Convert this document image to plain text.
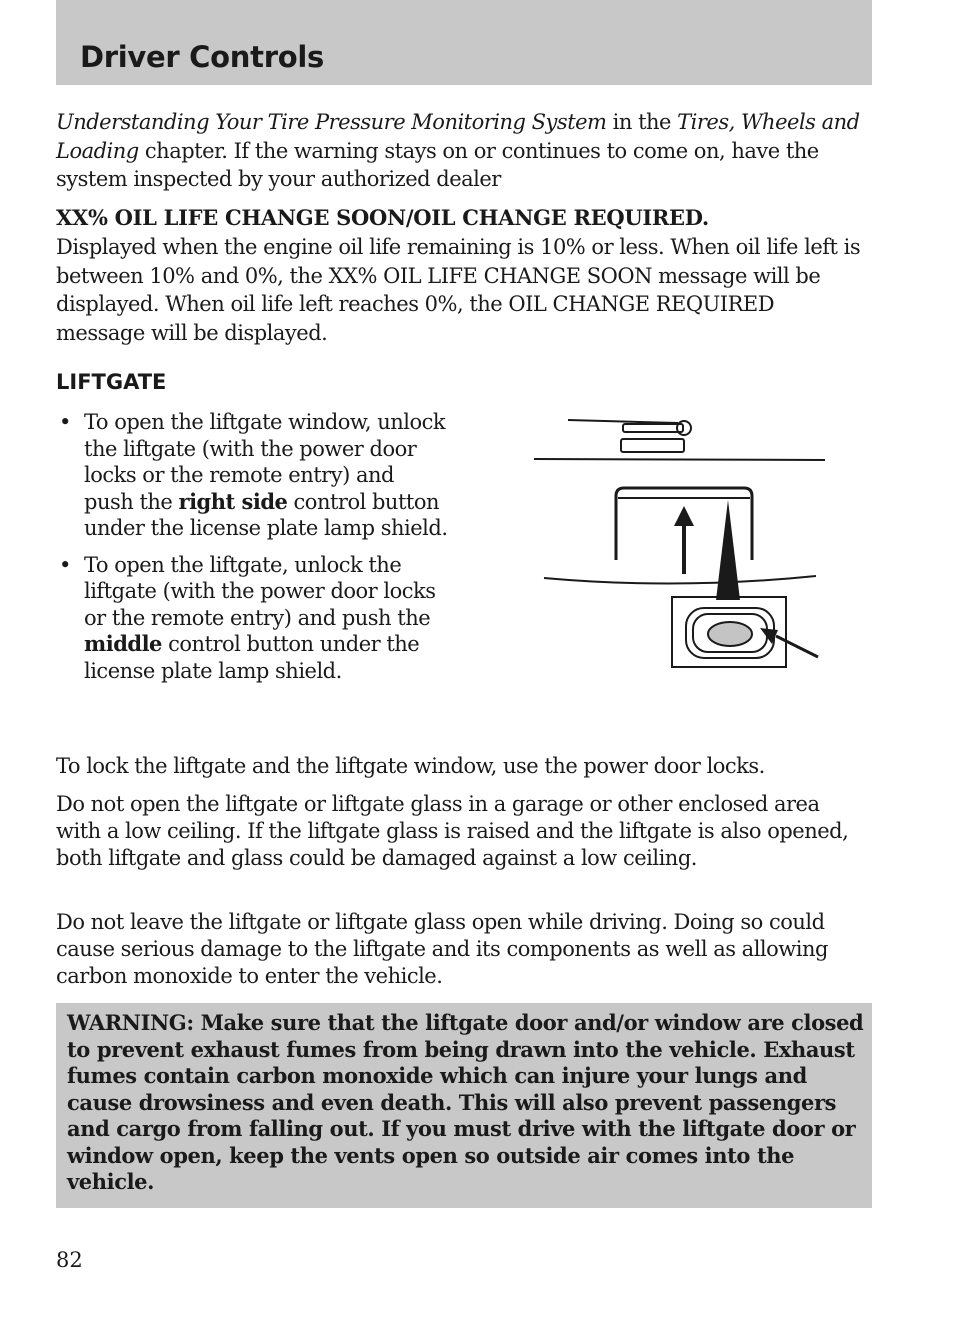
Driver Controls

Understanding Your Tire Pressure Monitoring System in the Tires, Wheels and Loading chapter. If the warning stays on or continues to come on, have the system inspected by your authorized dealer

XX% OIL LIFE CHANGE SOON/OIL CHANGE REQUIRED.

Displayed when the engine oil life remaining is 10% or less. When oil life left is between 10% and 0%, the XX% OIL LIFE CHANGE SOON message will be displayed. When oil life left reaches 0%, the OIL CHANGE REQUIRED message will be displayed.

LIFTGATE
• To open the liftgate window, unlock the liftgate (with the power door locks or the remote entry) and push the right side control button under the license plate lamp shield.
• To open the liftgate, unlock the liftgate (with the power door locks or the remote entry) and push the middle control button under the license plate lamp shield.

To lock the liftgate and the liftgate window, use the power door locks.

Do not open the liftgate or liftgate glass in a garage or other enclosed area with a low ceiling. If the liftgate glass is raised and the liftgate is also opened, both liftgate and glass could be damaged against a low ceiling.

Do not leave the liftgate or liftgate glass open while driving. Doing so could cause serious damage to the liftgate and its components as well as allowing carbon monoxide to enter the vehicle.

WARNING: Make sure that the liftgate door and/or window are closed to prevent exhaust fumes from being drawn into the vehicle. Exhaust fumes contain carbon monoxide which can injure your lungs and cause drowsiness and even death. This will also prevent passengers and cargo from falling out. If you must drive with the liftgate door or window open, keep the vents open so outside air comes into the vehicle.

82
